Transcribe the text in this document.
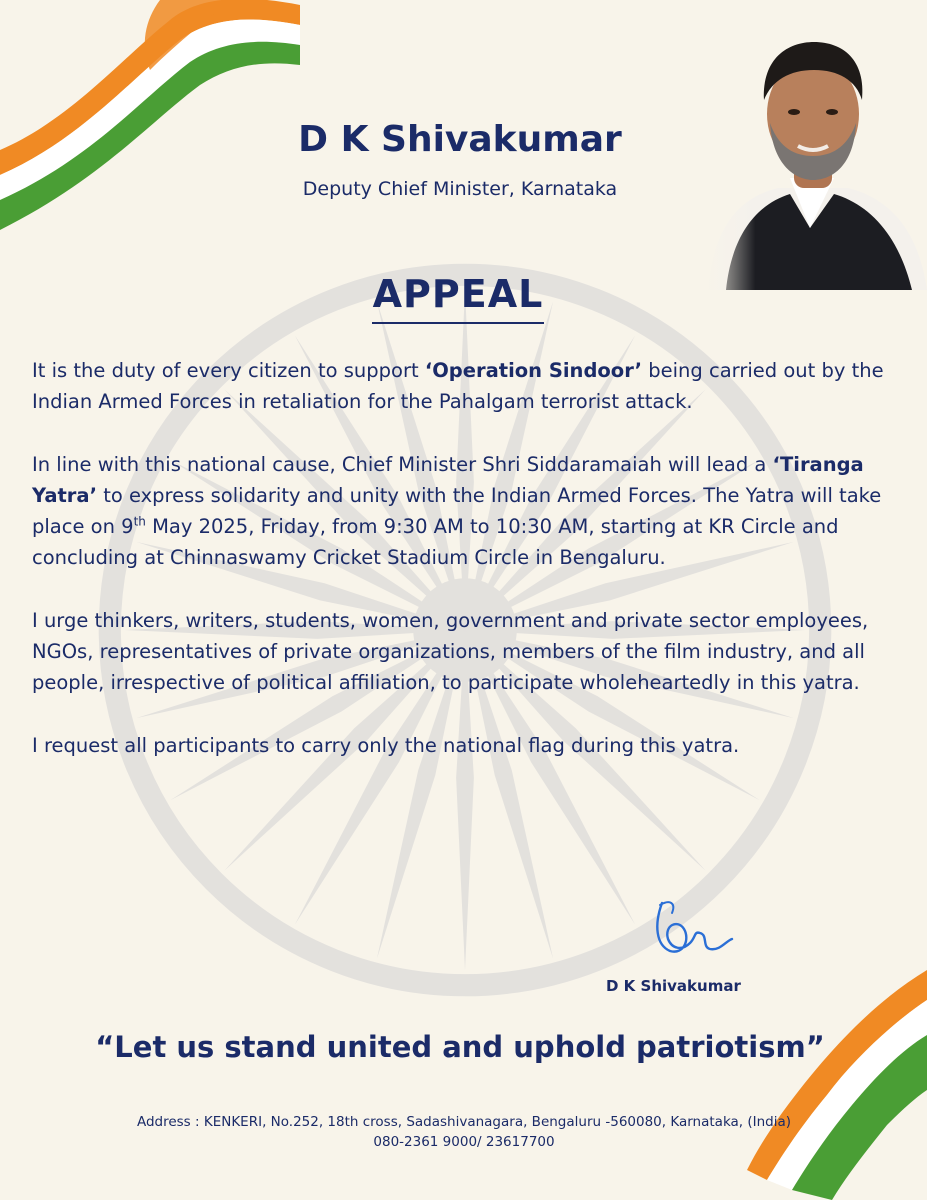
D K Shivakumar
Deputy Chief Minister, Karnataka
APPEAL

It is the duty of every citizen to support ‘Operation Sindoor’ being carried out by the Indian Armed Forces in retaliation for the Pahalgam terrorist attack.

In line with this national cause, Chief Minister Shri Siddaramaiah will lead a ‘Tiranga Yatra’ to express solidarity and unity with the Indian Armed Forces. The Yatra will take place on 9th May 2025, Friday, from 9:30 AM to 10:30 AM, starting at KR Circle and concluding at Chinnaswamy Cricket Stadium Circle in Bengaluru.

I urge thinkers, writers, students, women, government and private sector employees, NGOs, representatives of private organizations, members of the film industry, and all people, irrespective of political affiliation, to participate wholeheartedly in this yatra.

I request all participants to carry only the national flag during this yatra.

D K Shivakumar
“Let us stand united and uphold patriotism”
Address : KENKERI, No.252, 18th cross, Sadashivanagara, Bengaluru -560080, Karnataka, (India)
080-2361 9000/ 23617700
